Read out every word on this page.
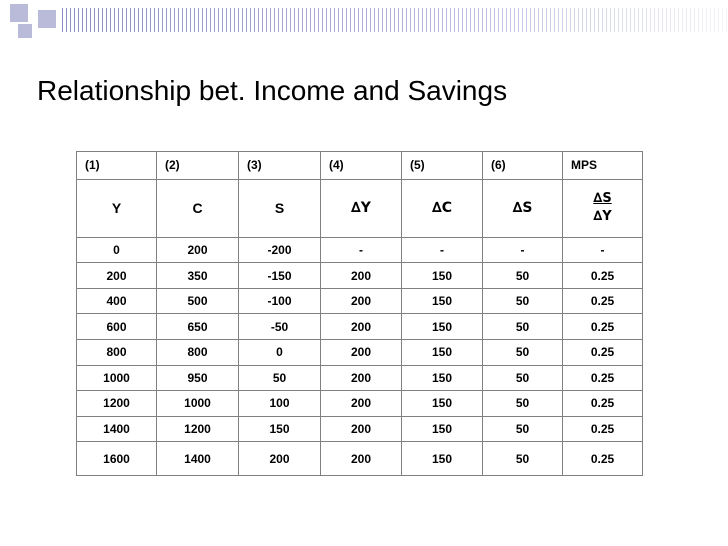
Relationship bet. Income and Savings
(1)	(2)	(3)	(4)	(5)	(6)	MPS
Y	C	S	∆Y	∆C	∆S	$\frac{\Delta S}{\Delta Y}$

0	200	-200	-	-	-	-
200	350	-150	200	150	50	0.25
400	500	-100	200	150	50	0.25
600	650	-50	200	150	50	0.25
800	800	0	200	150	50	0.25
1000	950	50	200	150	50	0.25
1200	1000	100	200	150	50	0.25
1400	1200	150	200	150	50	0.25
1600	1400	200	200	150	50	0.25
